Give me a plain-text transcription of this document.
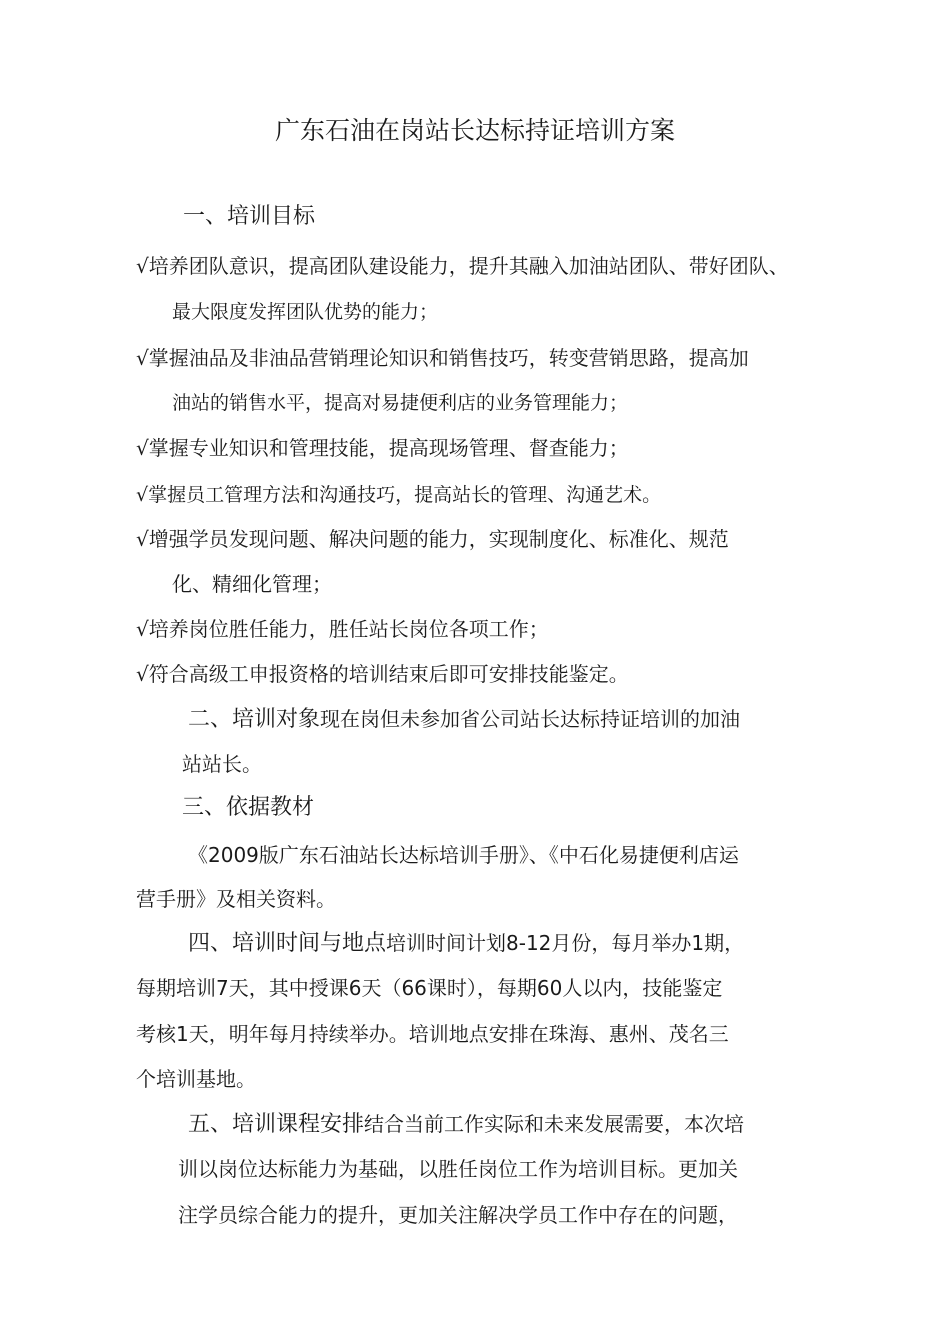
广东石油在岗站长达标持证培训方案
一、培训目标
√培养团队意识，提高团队建设能力，提升其融入加油站团队、带好团队、
最大限度发挥团队优势的能力；
√掌握油品及非油品营销理论知识和销售技巧，转变营销思路，提高加
油站的销售水平，提高对易捷便利店的业务管理能力；
√掌握专业知识和管理技能，提高现场管理、督查能力；
√掌握员工管理方法和沟通技巧，提高站长的管理、沟通艺术。
√增强学员发现问题、解决问题的能力，实现制度化、标准化、规范
化、精细化管理；
√培养岗位胜任能力，胜任站长岗位各项工作；
√符合高级工申报资格的培训结束后即可安排技能鉴定。
二、培训对象现在岗但未参加省公司站长达标持证培训的加油
站站长。
三、依据教材
《2009版广东石油站长达标培训手册》、《中石化易捷便利店运
营手册》及相关资料。
四、培训时间与地点培训时间计划8-12月份，每月举办1期，
每期培训7天，其中授课6天（66课时），每期60人以内，技能鉴定
考核1天，明年每月持续举办。培训地点安排在珠海、惠州、茂名三
个培训基地。
五、培训课程安排结合当前工作实际和未来发展需要，本次培
训以岗位达标能力为基础，以胜任岗位工作为培训目标。更加关
注学员综合能力的提升，更加关注解决学员工作中存在的问题，
